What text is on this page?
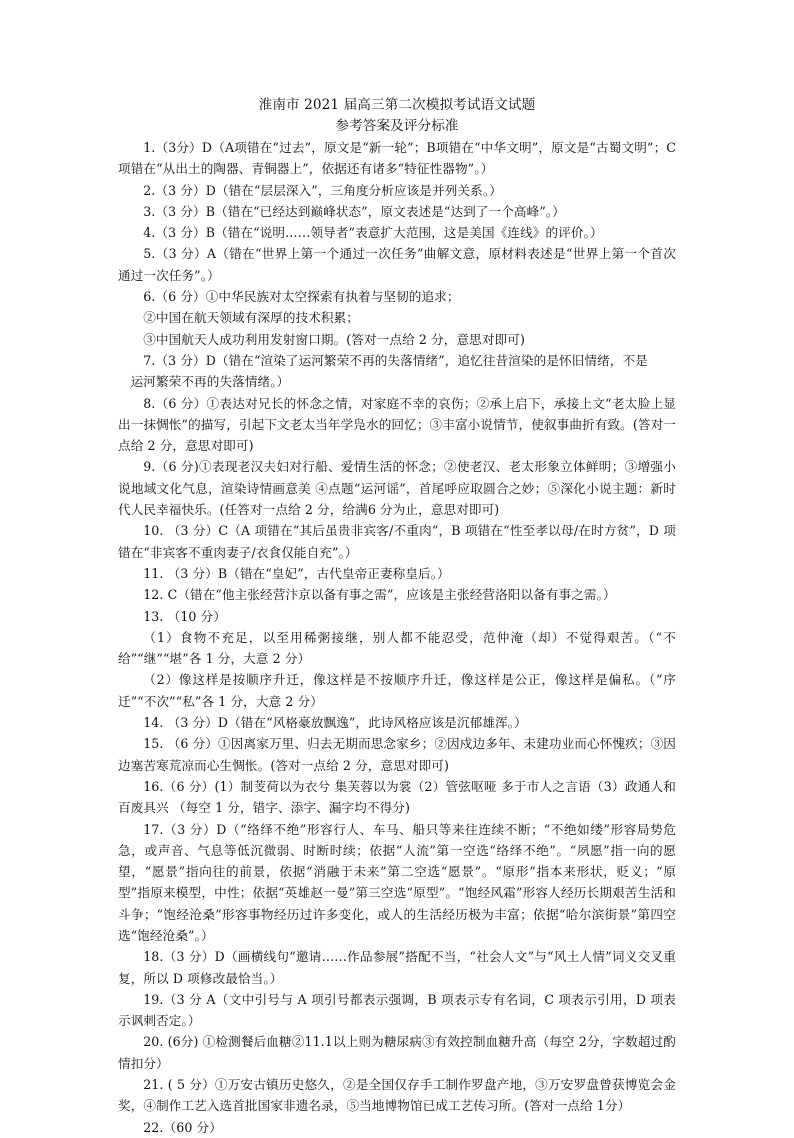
淮南市 2021 届高三第二次模拟考试语文试题
参考答案及评分标准

1.（3分）D（A项错在“过去”，原文是“新一轮”；B项错在“中华文明”，原文是“古蜀文明”；C 项错在“从出土的陶器、青铜器上”，依据还有诸多“特征性器物”。）

2.（3 分）D（错在“层层深入”，三角度分析应该是并列关系。）

3.（3 分）B（错在“已经达到巅峰状态”，原文表述是“达到了一个高峰”。）

4.（3 分）B（错在“说明……领导者”表意扩大范围，这是美国《连线》的评价。）

5.（3 分）A（错在“世界上第一个通过一次任务”曲解文意，原材料表述是“世界上第一个首次通过一次任务”。）

6.（6 分）①中华民族对太空探索有执着与坚韧的追求；

②中国在航天领域有深厚的技术积累；

③中国航天人成功利用发射窗口期。(答对一点给 2 分，意思对即可)

7.（3 分）D（错在“渲染了运河繁荣不再的失落情绪”，追忆往昔渲染的是怀旧情绪，不是

运河繁荣不再的失落情绪。）

8.（6 分）①表达对兄长的怀念之情，对家庭不幸的哀伤；②承上启下，承接上文“老太脸上显出一抹惆怅”的描写，引起下文老太当年学凫水的回忆；③丰富小说情节，使叙事曲折有致。(答对一点给 2 分，意思对即可)

9.（6 分)①表现老汉夫妇对行船、爱情生活的怀念；②使老汉、老太形象立体鲜明；③增强小说地域文化气息，渲染诗情画意美 ④点题“运河谣”，首尾呼应取圆合之妙；⑤深化小说主题：新时代人民幸福快乐。(任答对一点给 2 分，给满6 分为止，意思对即可)

10. （3 分）C（A 项错在“其后虽贵非宾客/不重肉”，B 项错在“性至孝以母/在时方贫”，D 项错在“非宾客不重肉妻子/衣食仅能自充”。）

11. （3 分）B（错在“皇妃”，古代皇帝正妻称皇后。）

12. C（错在“他主张经营汴京以备有事之需”，应该是主张经营洛阳以备有事之需。）

13. （10 分）

（1）食物不充足，以至用稀粥接继，别人都不能忍受，范仲淹（却）不觉得艰苦。（“不给”“继”“堪”各 1 分，大意 2 分）

（2）像这样是按顺序升迁，像这样是不按顺序升迁，像这样是公正，像这样是偏私。（“序迁”“不次”“私”各 1 分，大意 2 分）

14. （3 分）D（错在“风格豪放飘逸”，此诗风格应该是沉郁雄浑。）

15. （6 分）①因离家万里、归去无期而思念家乡；②因戍边多年、未建功业而心怀愧疚；③因边塞苦寒荒凉而心生惆怅。(答对一点给 2 分，意思对即可)

16.（6 分）(1）制芰荷以为衣兮 集芙蓉以为裳（2）管弦呕哑 多于市人之言语（3）政通人和 百废具兴 （每空 1 分，错字、添字、漏字均不得分)

17.（3 分）D（“络绎不绝”形容行人、车马、船只等来往连续不断；“不绝如缕”形容局势危急，或声音、气息等低沉微弱、时断时续；依据“人流”第一空选“络绎不绝”。“夙愿”指一向的愿望，“愿景”指向往的前景，依据“消融于未来”第二空选“愿景”。“原形”指本来形状，贬义；“原型”指原来模型，中性；依据“英雄赵一曼”第三空选“原型”。“饱经风霜”形容人经历长期艰苦生活和斗争；“饱经沧桑”形容事物经历过许多变化，或人的生活经历极为丰富；依据“哈尔滨街景”第四空选“饱经沧桑”。）

18.（3 分）D（画横线句“邀请……作品参展”搭配不当，“社会人文”与“风土人情”词义交叉重复，所以 D 项修改最恰当。）

19.（3 分 A（文中引号与 A 项引号都表示强调，B 项表示专有名词，C 项表示引用，D 项表示讽刺否定。）

20. (6分) ①检测餐后血糖②11.1以上则为糖尿病③有效控制血糖升高（每空 2分，字数超过酌情扣分）

21. ( 5 分）①万安古镇历史悠久，②是全国仅存手工制作罗盘产地，③万安罗盘曾获博览会金奖，④制作工艺入选首批国家非遗名录，⑤当地博物馆已成工艺传习所。(答对一点给 1分）

22.（60 分）
